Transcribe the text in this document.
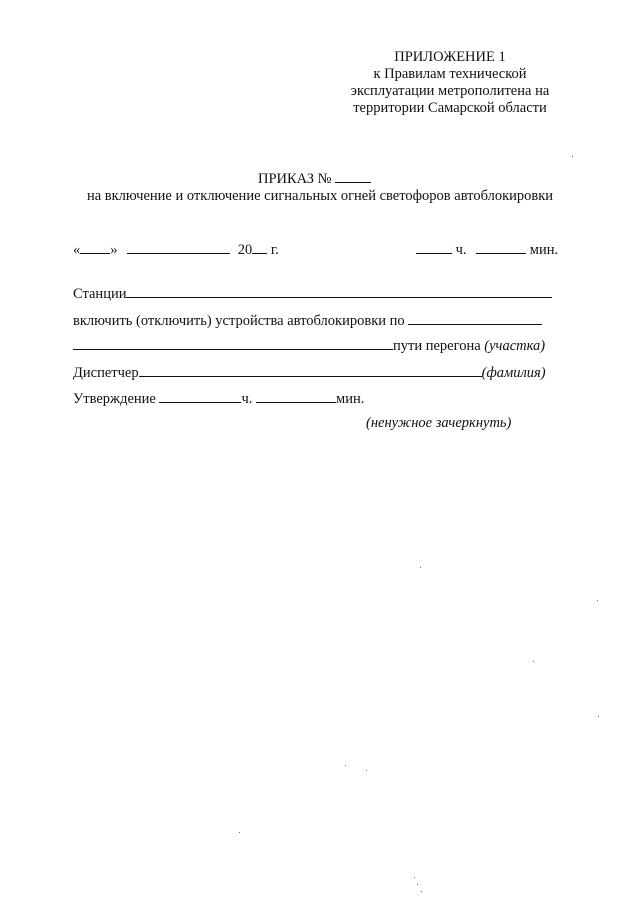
ПРИЛОЖЕНИЕ 1
к Правилам технической
эксплуатации метрополитена на
территории Самарской области
ПРИКАЗ №
на включение и отключение сигнальных огней светофоров автоблокировки
« »	20 г.	ч.	мин.
Станции
включить (отключить) устройства автоблокировки по
пути перегона (участка)
Диспетчер	(фамилия)
Утверждение	ч.	мин.
(ненужное зачеркнуть)
